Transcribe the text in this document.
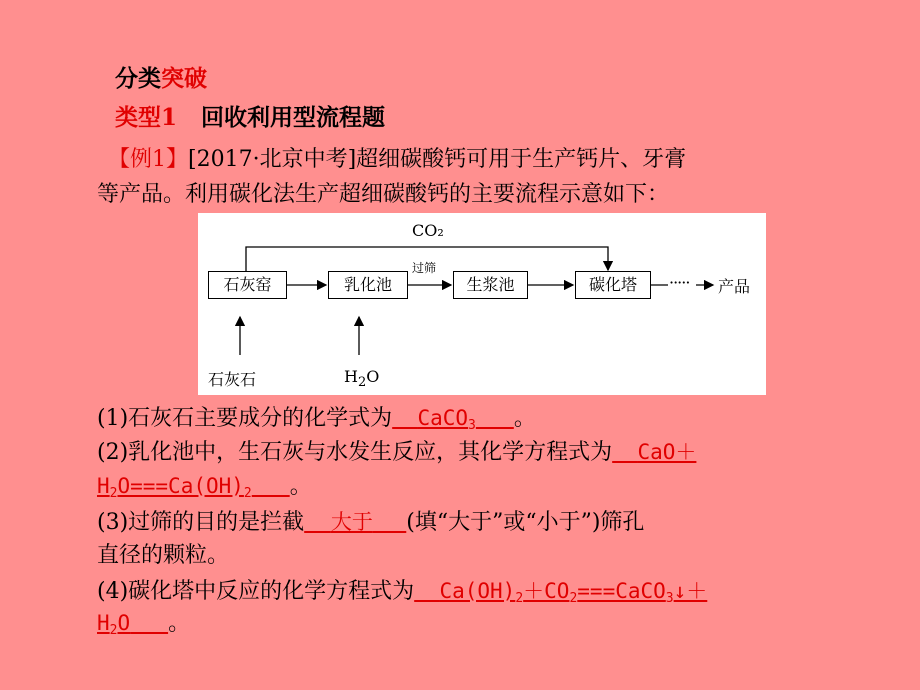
分类突破
类型1 回收利用型流程题
【例1】[2017·北京中考]超细碳酸钙可用于生产钙片、牙膏
等产品。利用碳化法生产超细碳酸钙的主要流程示意如下：
CO₂
石灰窑	乳化池	生浆池	碳化塔
过筛
····· 产品
石灰石	$H_2O$
(1)石灰石主要成分的化学式为 CaCO$_3$ 。
(2)乳化池中，生石灰与水发生反应，其化学方程式为 CaO＋
$H_2O===Ca(OH)_2$ 。
(3)过筛的目的是拦截 大于 (填“大于”或“小于”)筛孔
直径的颗粒。
(4)碳化塔中反应的化学方程式为 $Ca(OH)_2+CO_2===CaCO_3↓+$
$H_2O$ 。
